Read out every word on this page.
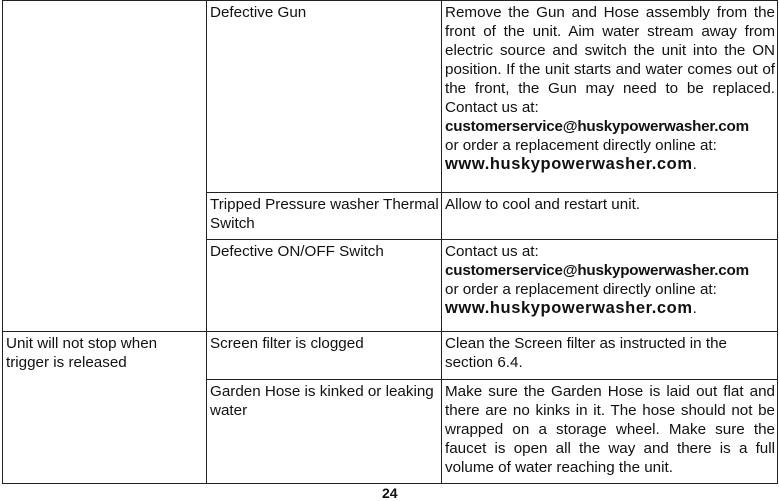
	Defective Gun	Remove the Gun and Hose assembly from the front of the unit. Aim water stream away from electric source and switch the unit into the ON position. If the unit starts and water comes out of the front, the Gun may need to be replaced. Contact us at:
customerservice@huskypowerwasher.com
or order a replacement directly online at:
www.huskypowerwasher.com.
	Tripped Pressure washer Thermal Switch	Allow to cool and restart unit.
	Defective ON/OFF Switch	Contact us at:
customerservice@huskypowerwasher.com
or order a replacement directly online at:
www.huskypowerwasher.com.
Unit will not stop when trigger is released	Screen filter is clogged	Clean the Screen filter as instructed in the section 6.4.
	Garden Hose is kinked or leaking water	Make sure the Garden Hose is laid out flat and there are no kinks in it. The hose should not be wrapped on a storage wheel. Make sure the faucet is open all the way and there is a full volume of water reaching the unit.
24
